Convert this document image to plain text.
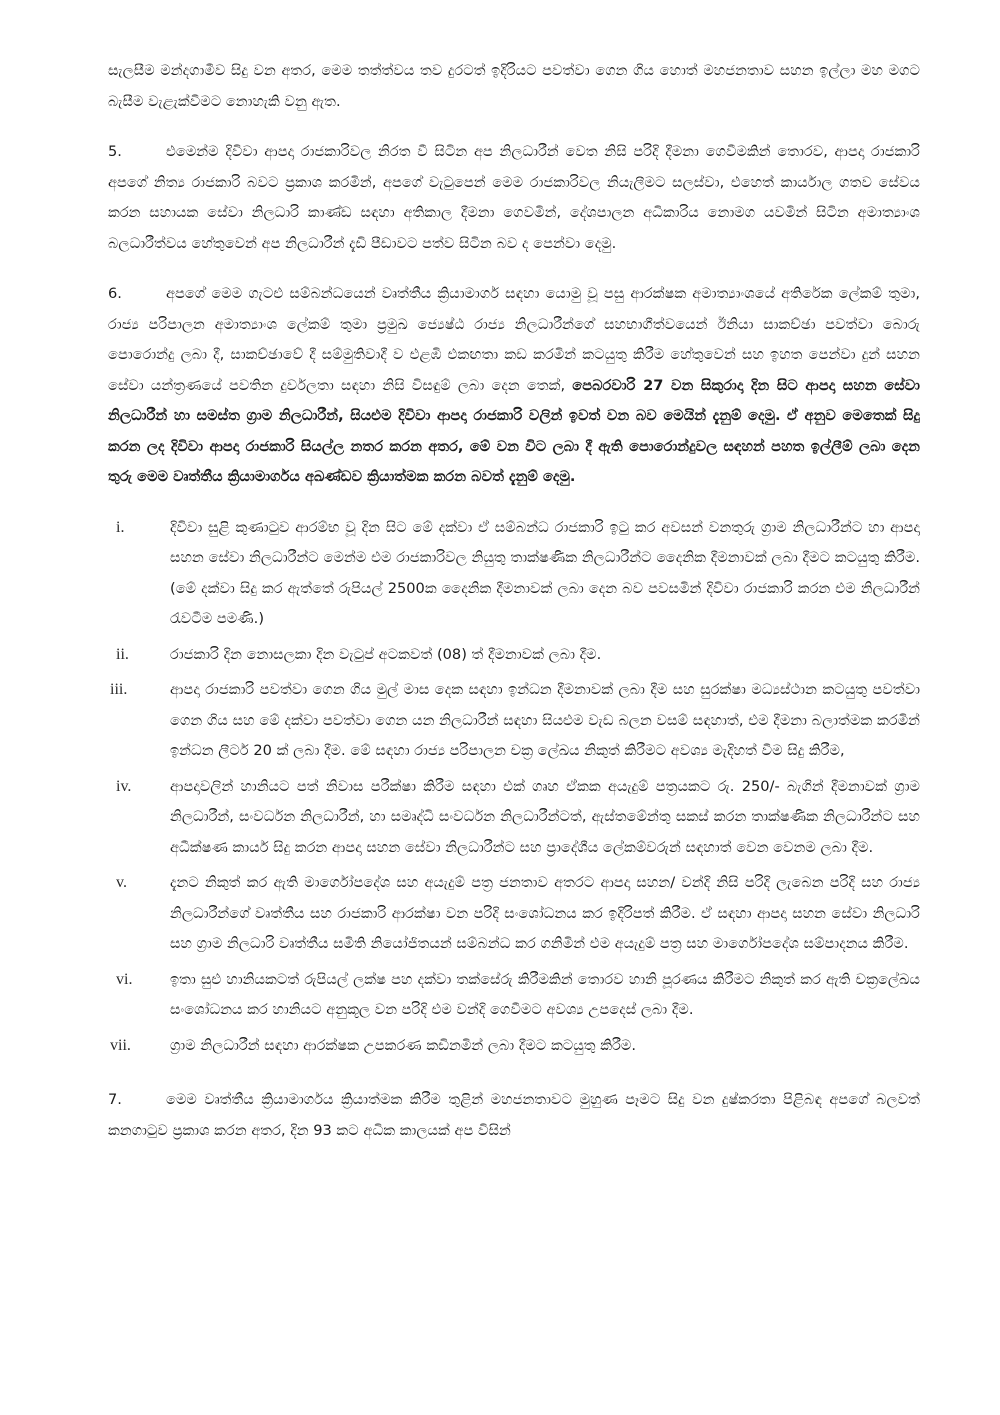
සැලසීම මන්දගාමීව සිදු වන අතර, මෙම තත්ත්වය තව දුරටත් ඉදිරියට පවත්වා ගෙන ගිය හොත් මහජනතාව සහන ඉල්ලා මහ මගට බැසීම වැළැක්වීමට නොහැකි වනු ඇත.

5.	එමෙන්ම දිවිවා ආපදා රාජකාරිවල නිරත වී සිටින අප නිලධාරීන් වෙත නිසි පරිදි දීමනා ගෙවීමකින් තොරව, ආපදා රාජකාරි අපගේ නිත්‍ය රාජකාරි බවට ප්‍රකාශ කරමින්, අපගේ වැටුපෙන් මෙම රාජකාරිවල නියැලීමට සලස්වා, එහෙත් කාර්යාල ගතව සේවය කරන සහායක සේවා නිලධාරි කාණ්ඩ සඳහා අතිකාල දීමනා ගෙවමින්, දේශපාලන අධිකාරිය නොමග යවමින් සිටින අමාත්‍යාංශ බලධාරීත්වය හේතුවෙන් අප නිලධාරීන් දැඩි පීඩාවට පත්ව සිටින බව ද පෙන්වා දෙමු.

6.	අපගේ මෙම ගැටළු සම්බන්ධයෙන් වෘත්තීය ක්‍රියාමාර්ග සඳහා යොමු වූ පසු ආරක්ෂක අමාත්‍යාංශයේ අතිරේක ලේකම් තුමා, රාජ්‍ය පරිපාලන අමාත්‍යාංශ ලේකම් තුමා ප්‍රමුඛ ජ්‍යෙෂ්ඨ රාජ්‍ය නිලධාරීන්ගේ සහභාගීත්වයෙන් ඊනියා සාකච්ඡා පවත්වා බොරු පොරොන්දු ලබා දී, සාකච්ඡාවේ දී සම්මුතිවාදී ව එළඹි එකඟතා කඩ කරමින් කටයුතු කිරීම හේතුවෙන් සහ ඉහත පෙන්වා දුන් සහන සේවා යන්ත්‍රණයේ පවතින දුර්වලතා සඳහා නිසි විසඳුම් ලබා දෙන තෙක්, පෙබරවාරි 27 වන සිකුරාදා දින සිට ආපදා සහන සේවා නිලධාරීන් හා සමස්ත ග්‍රාම නිලධාරීන්, සියළුම දිවිවා ආපදා රාජකාරි වලින් ඉවත් වන බව මෙයින් දැනුම් දෙමු. ඒ අනුව මෙතෙක් සිදු කරන ලද දිවිවා ආපදා රාජකාරි සියල්ල නතර කරන අතර, මේ වන විට ලබා දී ඇති පොරොන්දුවල සඳහන් පහත ඉල්ලීම් ලබා දෙන තුරු මෙම වෘත්තීය ක්‍රියාමාර්ගය අඛණ්ඩව ක්‍රියාත්මක කරන බවත් දැනුම් දෙමු.

i.	දිවිවා සුළි කුණාටුව ආරම්භ වූ දින සිට මේ දක්වා ඒ සම්බන්ධ රාජකාරි ඉටු කර අවසන් වනතුරු ග්‍රාම නිලධාරීන්ට හා ආපදා සහන සේවා නිලධාරීන්ට මෙන්ම එම රාජකාරිවල නියුතු තාක්ෂණික නිලධාරීන්ට දෛනික දීමනාවක් ලබා දීමට කටයුතු කිරීම. (මේ දක්වා සිදු කර ඇත්තේ රුපියල් 2500ක දෛනික දීමනාවක් ලබා දෙන බව පවසමින් දිවිවා රාජකාරි කරන එම නිලධාරීන් රැවටීම පමණි.)
ii.	රාජකාරි දින නොසලකා දින වැටුප් අටකවත් (08) ත් දීමනාවක් ලබා දීම.
iii.	ආපදා රාජකාරි පවත්වා ගෙන ගිය මුල් මාස දෙක සඳහා ඉන්ධන දීමනාවක් ලබා දීම සහ සුරක්ෂා මධ්‍යස්ථාන කටයුතු පවත්වා ගෙන ගිය සහ මේ දක්වා පවත්වා ගෙන යන නිලධාරීන් සඳහා සියළුම වැඩ බලන වසම් සඳහාත්, එම දීමනා බලාත්මක කරමින් ඉන්ධන ලීටර් 20 ක් ලබා දීම. මේ සඳහා රාජ්‍ය පරිපාලන චක්‍ර ලේඛය නිකුත් කිරීමට අවශ්‍ය මැදිහත් වීම සිදු කිරීම,
iv.	ආපදාවලින් හානියට පත් නිවාස පරීක්ෂා කිරීම සඳහා එක් ගෘහ ඒකක අයැදුම් පත්‍රයකට රු. 250/- බැගින් දීමනාවක් ග්‍රාම නිලධාරීන්, සංවර්ධන නිලධාරීන්, හා සමෘද්ධි සංවර්ධන නිලධාරීන්ටත්, ඇස්තමේන්තු සකස් කරන තාක්ෂණික නිලධාරීන්ට සහ අධීක්ෂණ කාර්ය සිදු කරන ආපදා සහන සේවා නිලධාරීන්ට සහ ප්‍රාදේශීය ලේකම්වරුන් සඳහාත් වෙන වෙනම ලබා දීම.
v.	දැනට නිකුත් කර ඇති මාර්ගෝපදේශ සහ අයැදුම් පත්‍ර ජනතාව අතරට ආපදා සහන/ වන්දි නිසි පරිදි ලැබෙන පරිදි සහ රාජ්‍ය නිලධාරීන්ගේ වෘත්තීය සහ රාජකාරි ආරක්ෂා වන පරිදි සංශෝධනය කර ඉදිරිපත් කිරීම. ඒ සඳහා ආපදා සහන සේවා නිලධාරි සහ ග්‍රාම නිලධාරි වෘත්තීය සමිති නියෝජිතයන් සම්බන්ධ කර ගනිමින් එම අයැදුම් පත්‍ර සහ මාර්ගෝපදේශ සම්පාදනය කිරීම.
vi.	ඉතා සුළු හානියකටත් රුපියල් ලක්ෂ පහ දක්වා තක්සේරු කිරීමකින් තොරව හානි පූරණය කිරීමට නිකුත් කර ඇති චක්‍රලේඛය සංශෝධනය කර හානියට අනුකූල වන පරිදි එම වන්දි ගෙවීමට අවශ්‍ය උපදෙස් ලබා දීම.
vii.	ග්‍රාම නිලධාරීන් සඳහා ආරක්ෂක උපකරණ කඩිනමින් ලබා දීමට කටයුතු කිරීම.

7.	මෙම වෘත්තීය ක්‍රියාමාර්ගය ක්‍රියාත්මක කිරීම තුළින් මහජනතාවට මුහුණ පෑමට සිදු වන දුෂ්කරතා පිළිබඳ අපගේ බලවත් කනගාටුව ප්‍රකාශ කරන අතර, දින 93 කට අධික කාලයක් අප විසින්
